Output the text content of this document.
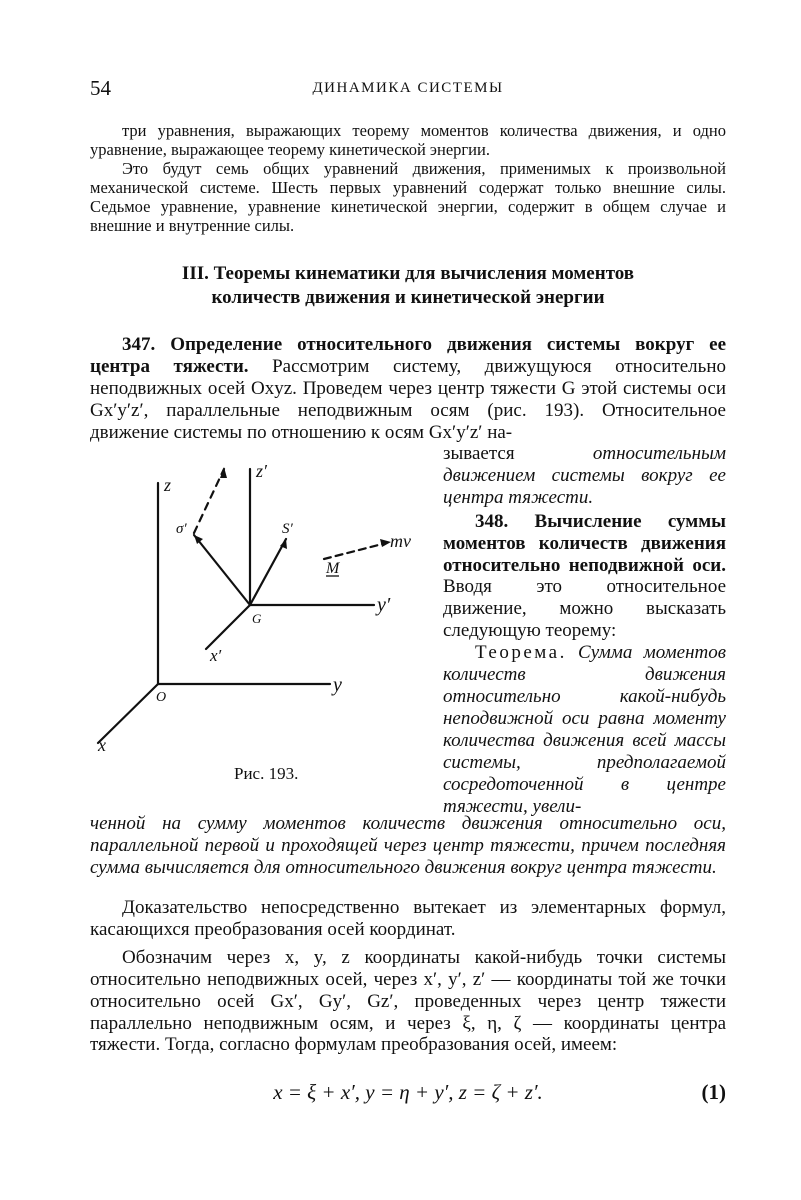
54	ДИНАМИКА СИСТЕМЫ

три уравнения, выражающих теорему моментов количества движения, и одно уравнение, выражающее теорему кинетической энергии.

Это будут семь общих уравнений движения, применимых к произвольной механической системе. Шесть первых уравнений содержат только внешние силы. Седьмое уравнение, уравнение кинетической энергии, содержит в общем случае и внешние и внутренние силы.

III. Теоремы кинематики для вычисления моментов
количеств движения и кинетической энергии

347. Определение относительного движения системы вокруг ее центра тяжести. Рассмотрим систему, движущуюся относительно неподвижных осей Oxyz. Проведем через центр тяжести G этой системы оси Gx′y′z′, параллельные неподвижным осям (рис. 193). Относительное движение системы по отношению к осям Gx′y′z′ на-

зывается относительным движением системы вокруг ее центра тяжести.

348. Вычисление суммы моментов количеств движения относительно неподвижной оси. Вводя это относительное движение, можно высказать следующую теорему:

Теорема. Сумма моментов количеств движения относительно какой-нибудь неподвижной оси равна моменту количества движения всей массы системы, предполагаемой сосредоточенной в центре тяжести, увели-

z
z′
O
y
x
G
y′
x′
σ′	S′
mv
M
Рис. 193.

ченной на сумму моментов количеств движения относительно оси, параллельной первой и проходящей через центр тяжести, причем последняя сумма вычисляется для относительного движения вокруг центра тяжести.

Доказательство непосредственно вытекает из элементарных формул, касающихся преобразования осей координат.

Обозначим через x, y, z координаты какой-нибудь точки системы относительно неподвижных осей, через x′, y′, z′ — координаты той же точки относительно осей Gx′, Gy′, Gz′, проведенных через центр тяжести параллельно неподвижным осям, и через ξ, η, ζ — координаты центра тяжести. Тогда, согласно формулам преобразования осей, имеем:

x = ξ + x′, y = η + y′, z = ζ + z′.	(1)
